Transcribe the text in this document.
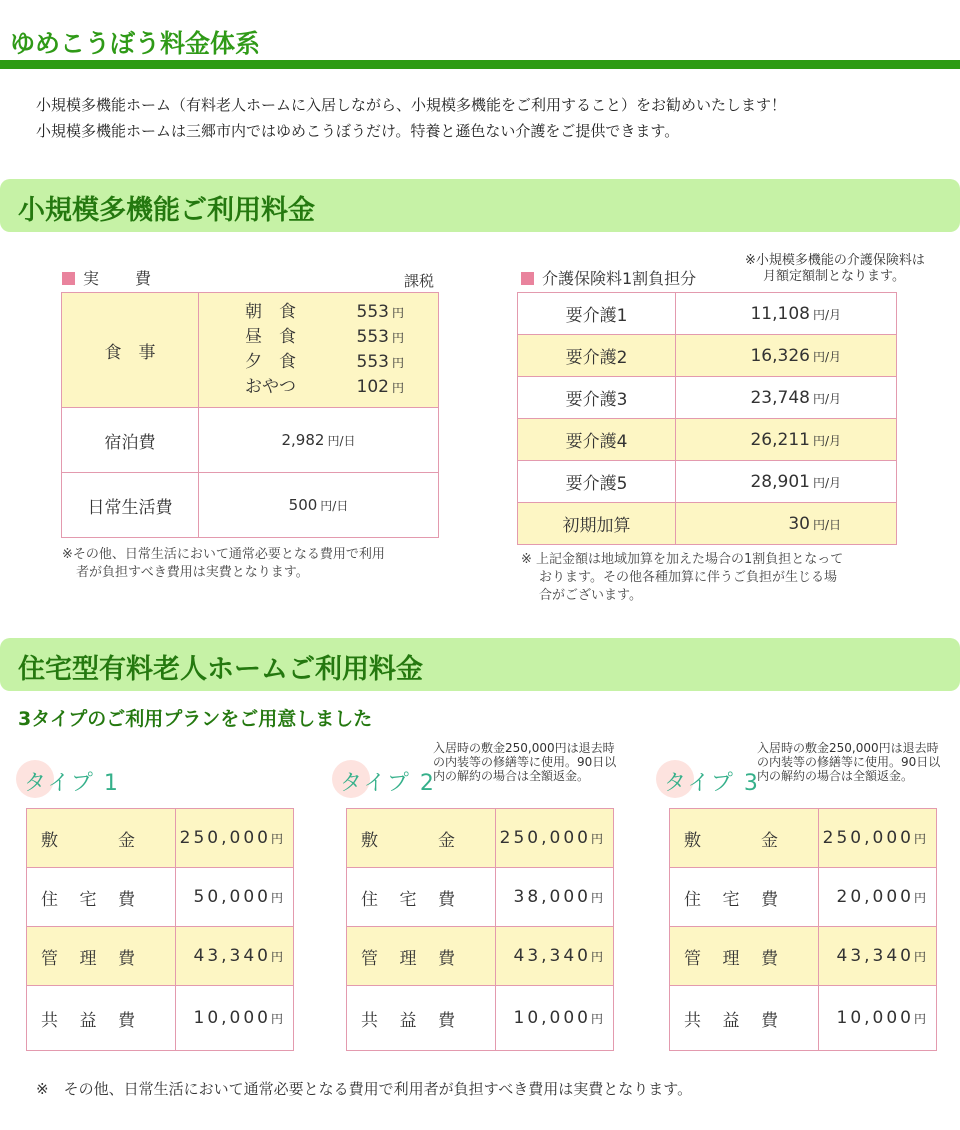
ゆめこうぼう料金体系
小規模多機能ホーム（有料老人ホームに入居しながら、小規模多機能をご利用すること）をお勧めいたします！
小規模多機能ホームは三郷市内ではゆめこうぼうだけ。特養と遜色ない介護をご提供できます。
小規模多機能ご利用料金
実　費	課税
食　事	朝　食 553 円
昼　食 553 円
夕　食 553 円
おやつ 102 円

宿泊費	2,982 円/日
日常生活費	500 円/日
※その他、日常生活において通常必要となる費用で利用
者が負担すべき費用は実費となります。
介護保険料1割負担分
※小規模多機能の介護保険料は
月額定額制となります。
要介護1	11,108 円/月
要介護2	16,326 円/月
要介護3	23,748 円/月
要介護4	26,211 円/月
要介護5	28,901 円/月
初期加算	30 円/日
※ 上記金額は地域加算を加えた場合の1割負担となって
おります。その他各種加算に伴うご負担が生じる場
合がございます。
住宅型有料老人ホームご利用料金
3タイプのご利用プランをご用意しました
タイプ 1
敷 金	250,000円

住 宅 費	50,000円

管 理 費	43,340円

共 益 費	10,000円
タイプ 2
入居時の敷金250,000円は退去時の内装等の修繕等に使用。90日以内の解約の場合は全額返金。
敷 金	250,000円

住 宅 費	38,000円

管 理 費	43,340円

共 益 費	10,000円
タイプ 3
入居時の敷金250,000円は退去時の内装等の修繕等に使用。90日以内の解約の場合は全額返金。
敷 金	250,000円

住 宅 費	20,000円

管 理 費	43,340円

共 益 費	10,000円
※　その他、日常生活において通常必要となる費用で利用者が負担すべき費用は実費となります。
